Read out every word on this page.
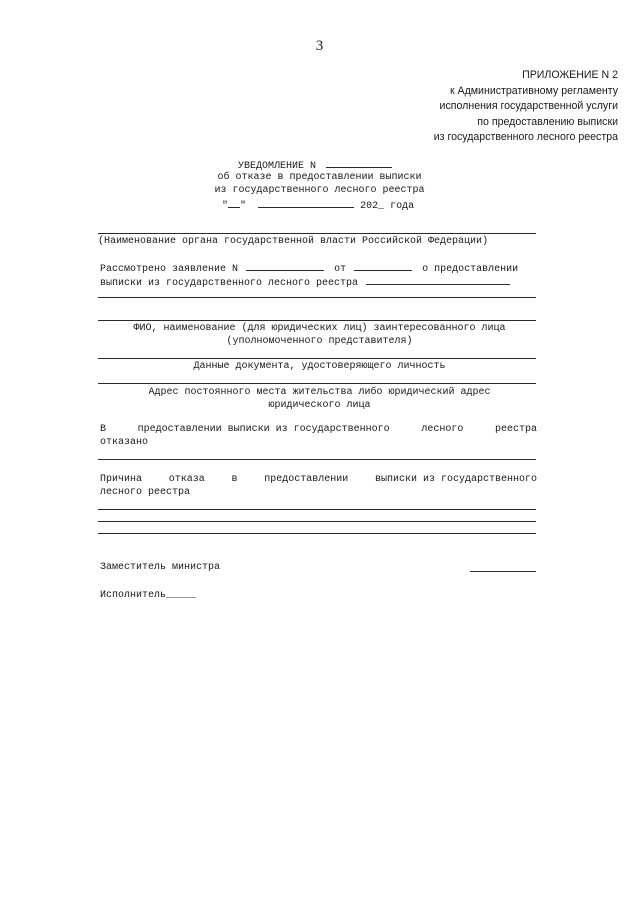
3
ПРИЛОЖЕНИЕ N 2
к Административному регламенту
исполнения государственной услуги
по предоставлению выписки
из государственного лесного реестра
УВЕДОМЛЕНИЕ N
об отказе в предоставлении выписки
из государственного лесного реестра
" "	202_ года
(Наименование органа государственной власти Российской Федерации)
Рассмотрено заявление N	от	о предоставлении
выписки из государственного лесного реестра
ФИО, наименование (для юридических лиц) заинтересованного лица
(уполномоченного представителя)
Данные документа, удостоверяющего личность
Адрес постоянного места жительства либо юридический адрес
юридического лица
В	предоставлении выписки из государственного	лесного	реестра
отказано
Причина	отказа	в	предоставлении	выписки из государственного
лесного реестра
Заместитель министра
Исполнитель_____
